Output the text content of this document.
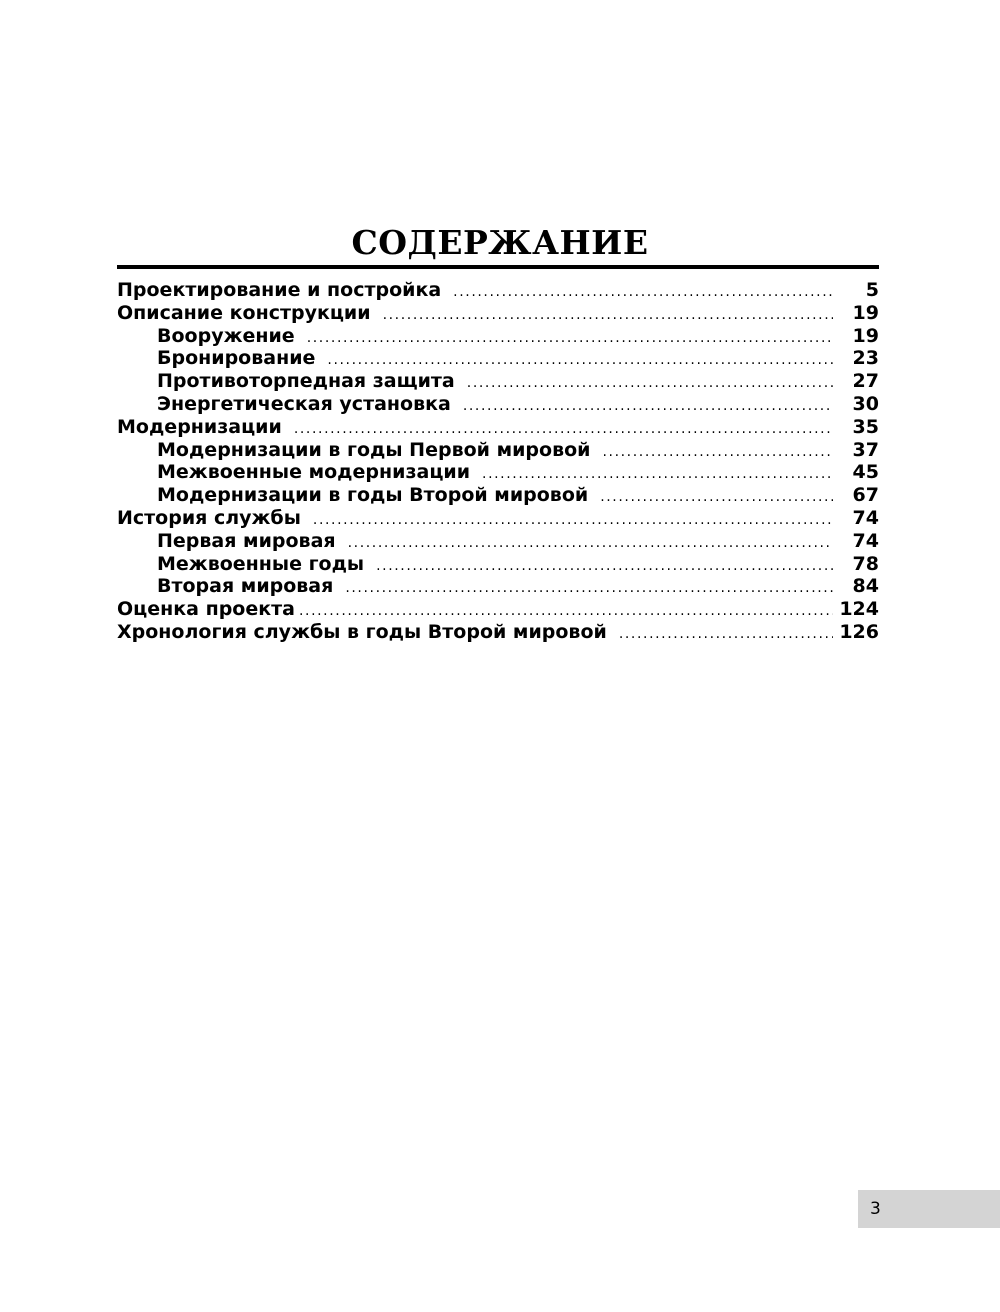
СОДЕРЖАНИЕ
Проектирование и постройка .....	5
Описание конструкции .....	19
Вооружение .....	19
Бронирование .....	23
Противоторпедная защита .....	27
Энергетическая установка .....	30
Модернизации .....	35
Модернизации в годы Первой мировой .....	37
Межвоенные модернизации .....	45
Модернизации в годы Второй мировой .....	67
История службы .....	74
Первая мировая .....	74
Межвоенные годы .....	78
Вторая мировая .....	84
Оценка проекта .....	124
Хронология службы в годы Второй мировой .....	126
3
